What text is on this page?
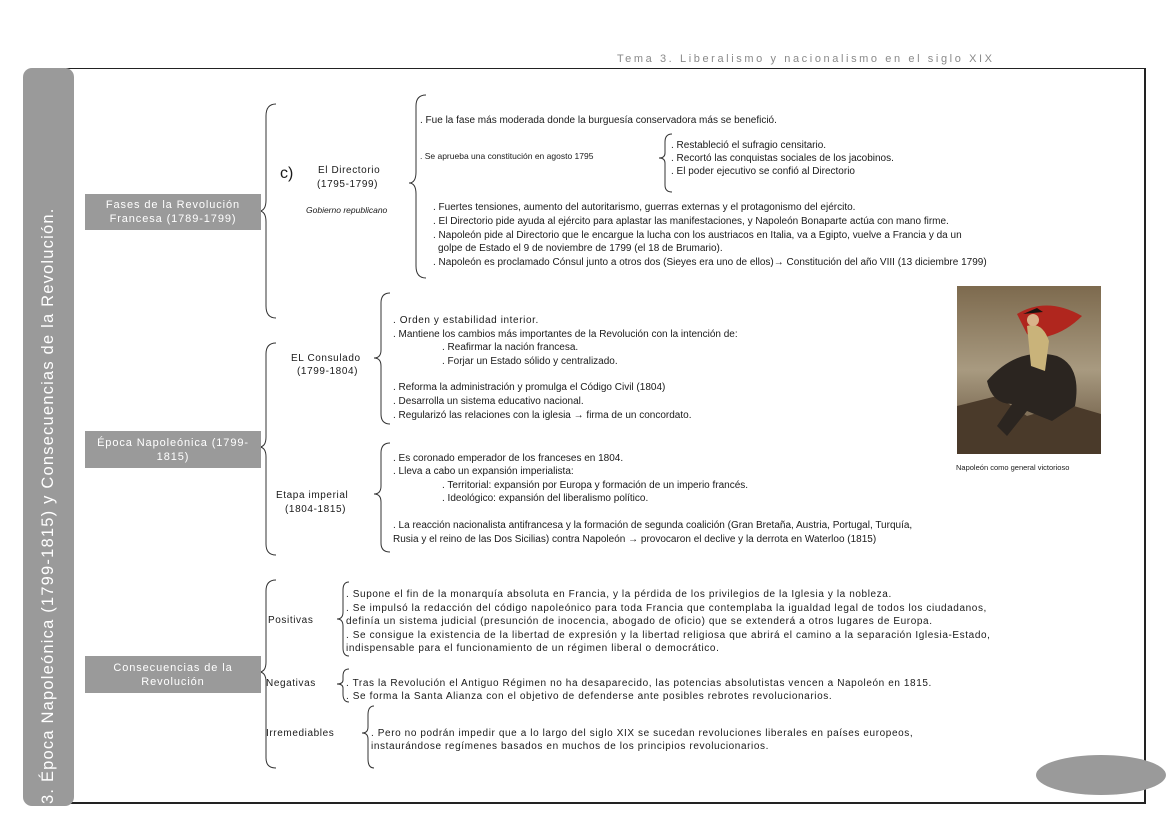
Tema 3. Liberalismo y nacionalismo en el siglo XIX
Fases de la Revolución Francesa (1789-1799)
Época Napoleónica (1799-1815)
Consecuencias de la Revolución
c) El Directorio
(1795-1799)
Gobierno republicano
. Fue la fase más moderada donde la burguesía conservadora más se benefició.
. Se aprueba una constitución en agosto 1795
. Restableció el sufragio censitario.
. Recortó las conquistas sociales de los jacobinos.
. El poder ejecutivo se confió al Directorio
. Fuertes tensiones, aumento del autoritarismo, guerras externas y el protagonismo del ejército.
. El Directorio pide ayuda al ejército para aplastar las manifestaciones, y Napoleón Bonaparte actúa con mano firme.
. Napoleón pide al Directorio que le encargue la lucha con los austriacos en Italia, va a Egipto, vuelve a Francia y da un
golpe de Estado el 9 de noviembre de 1799 (el 18 de Brumario).
. Napoleón es proclamado Cónsul junto a otros dos (Sieyes era uno de ellos)→ Constitución del año VIII (13 diciembre 1799)
EL Consulado
(1799-1804)
. Orden y estabilidad interior.
. Mantiene los cambios más importantes de la Revolución con la intención de:
. Reafirmar la nación francesa.
. Forjar un Estado sólido y centralizado.
. Reforma la administración y promulga el Código Civil (1804)
. Desarrolla un sistema educativo nacional.
. Regularizó las relaciones con la iglesia → firma de un concordato.
Etapa imperial
(1804-1815)
. Es coronado emperador de los franceses en 1804.
. Lleva a cabo un expansión imperialista:
. Territorial: expansión por Europa y formación de un imperio francés.
. Ideológico: expansión del liberalismo político.
. La reacción nacionalista antifrancesa y la formación de segunda coalición (Gran Bretaña, Austria, Portugal, Turquía,
Rusia y el reino de las Dos Sicilias) contra Napoleón → provocaron el declive y la derrota en Waterloo (1815)
Napoleón como general victorioso
Positivas
. Supone el fin de la monarquía absoluta en Francia, y la pérdida de los privilegios de la Iglesia y la nobleza.
. Se impulsó la redacción del código napoleónico para toda Francia que contemplaba la igualdad legal de todos los ciudadanos,
definía un sistema judicial (presunción de inocencia, abogado de oficio) que se extenderá a otros lugares de Europa.
. Se consigue la existencia de la libertad de expresión y la libertad religiosa que abrirá el camino a la separación Iglesia-Estado,
indispensable para el funcionamiento de un régimen liberal o democrático.
Negativas	. Tras la Revolución el Antiguo Régimen no ha desaparecido, las potencias absolutistas vencen a Napoleón en 1815.
. Se forma la Santa Alianza con el objetivo de defenderse ante posibles rebrotes revolucionarios.
Irremediables	. Pero no podrán impedir que a lo largo del siglo XIX se sucedan revoluciones liberales en países europeos,
instaurándose regímenes basados en muchos de los principios revolucionarios.
